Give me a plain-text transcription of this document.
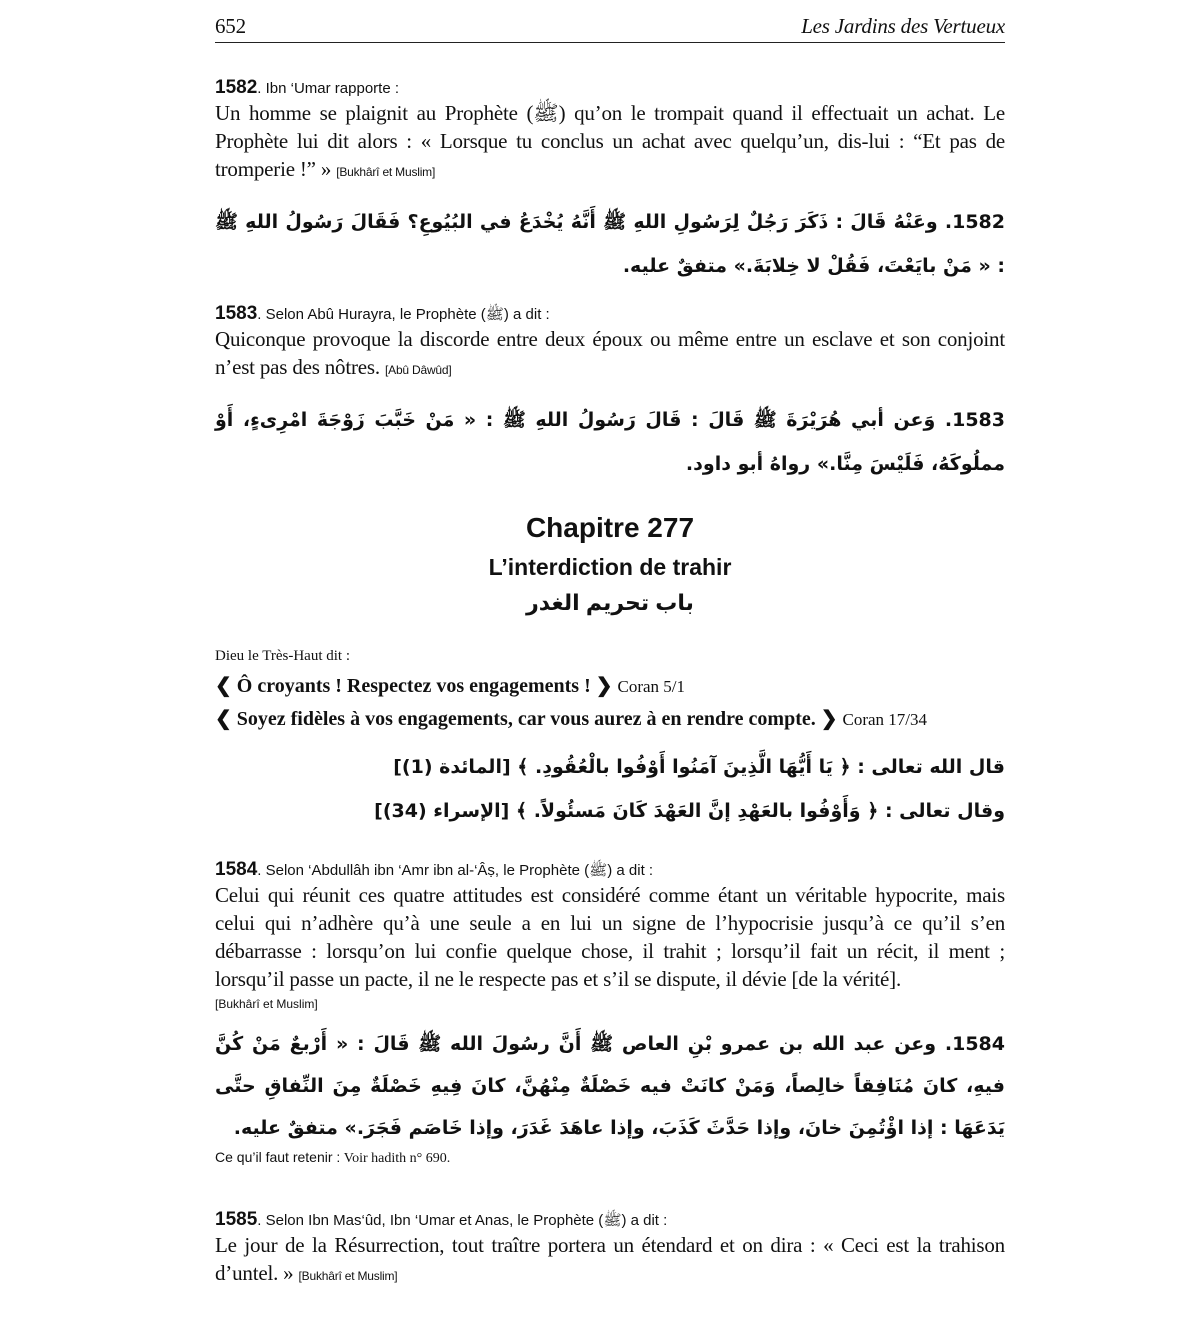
652	Les Jardins des Vertueux
1582. Ibn ‘Umar rapporte :
Un homme se plaignit au Prophète (ﷺ) qu’on le trompait quand il effectuait un achat. Le Prophète lui dit alors : « Lorsque tu conclus un achat avec quelqu’un, dis-lui : “Et pas de tromperie !” » [Bukhârî et Muslim]
1582. وعَنْهُ قَالَ : ذَكَرَ رَجُلٌ لِرَسُولِ اللهِ ﷺ أَنَّهُ يُخْدَعُ في البُيُوعِ؟ فَقَالَ رَسُولُ اللهِ ﷺ : « مَنْ بايَعْتَ، فَقُلْ لا خِلابَةَ.» متفقٌ عليه.
1583. Selon Abû Hurayra, le Prophète (ﷺ) a dit :
Quiconque provoque la discorde entre deux époux ou même entre un esclave et son conjoint n’est pas des nôtres. [Abû Dâwûd]
1583. وَعن أبي هُرَيْرَةَ ﷺ قَالَ : قَالَ رَسُولُ اللهِ ﷺ : « مَنْ خَبَّبَ زَوْجَةَ امْرِىءٍ، أَوْ مملُوكَهُ، فَلَيْسَ مِنَّا.» رواهُ أبو داود.
Chapitre 277
L’interdiction de trahir
باب تحريم الغدر
Dieu le Très-Haut dit :
❮ Ô croyants ! Respectez vos engagements ! ❯ Coran 5/1
❮ Soyez fidèles à vos engagements, car vous aurez à en rendre compte. ❯ Coran 17/34
قال الله تعالى : ﴿ يَا أَيُّهَا الَّذِينَ آمَنُوا أَوْفُوا بالْعُقُودِ. ﴾ [المائدة (1)]
وقال تعالى : ﴿ وَأَوْفُوا بالعَهْدِ إنَّ العَهْدَ كَانَ مَسئُولاً. ﴾ [الإسراء (34)]
1584. Selon ‘Abdullâh ibn ‘Amr ibn al-‘Âṣ, le Prophète (ﷺ) a dit :
Celui qui réunit ces quatre attitudes est considéré comme étant un véritable hypocrite, mais celui qui n’adhère qu’à une seule a en lui un signe de l’hypocrisie jusqu’à ce qu’il s’en débarrasse : lorsqu’on lui confie quelque chose, il trahit ; lorsqu’il fait un récit, il ment ; lorsqu’il passe un pacte, il ne le respecte pas et s’il se dispute, il dévie [de la vérité].
[Bukhârî et Muslim]
1584. وعن عبد الله بن عمرو بْنِ العاص ﷺ أَنَّ رسُولَ الله ﷺ قَالَ : « أَرْبعٌ مَنْ كُنَّ فيهِ، كانَ مُنَافِقاً خالِصاً، وَمَنْ كانَتْ فيه خَصْلَةٌ مِنْهُنَّ، كانَ فِيهِ خَصْلَةٌ مِنَ النِّفاقِ حتَّى يَدَعَهَا : إذا اؤْتُمِنَ خانَ، وإذا حَدَّثَ كَذَبَ، وإذا عاهَدَ غَدَرَ، وإذا خَاصَم فَجَرَ.» متفقٌ عليه.
Ce qu’il faut retenir : Voir hadith n° 690.
1585. Selon Ibn Mas‘ûd, Ibn ‘Umar et Anas, le Prophète (ﷺ) a dit :
Le jour de la Résurrection, tout traître portera un étendard et on dira : « Ceci est la trahison d’untel. » [Bukhârî et Muslim]
